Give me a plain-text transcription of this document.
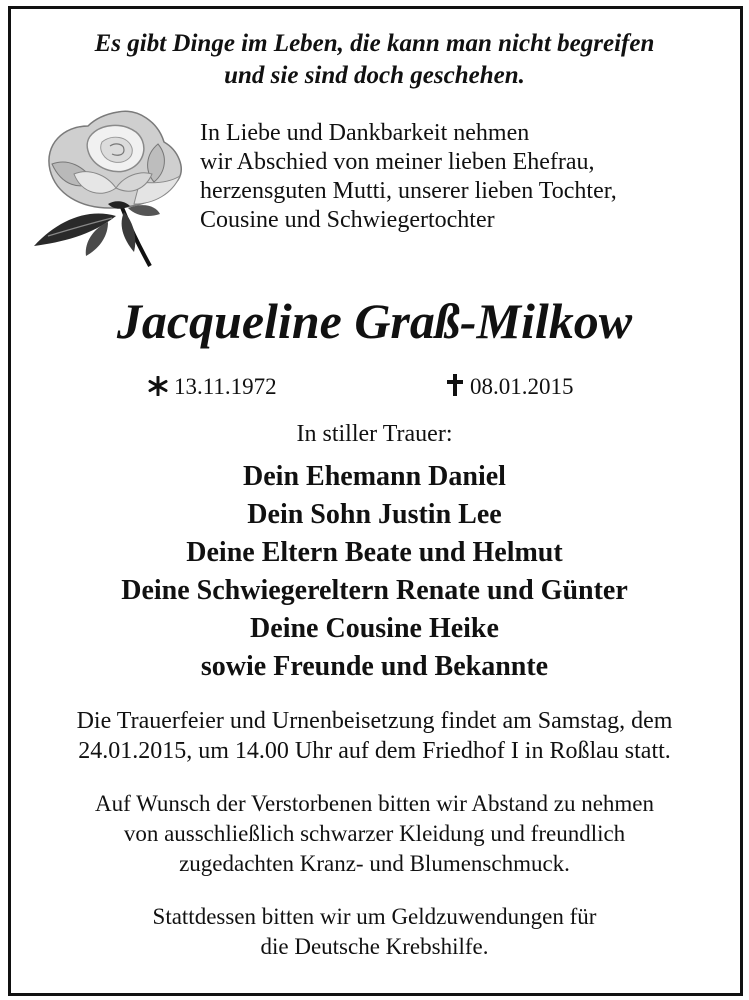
Es gibt Dinge im Leben, die kann man nicht begreifen
und sie sind doch geschehen.
In Liebe und Dankbarkeit nehmen
wir Abschied von meiner lieben Ehefrau,
herzensguten Mutti, unserer lieben Tochter,
Cousine und Schwiegertochter
Jacqueline Graß-Milkow
13.11.1972	08.01.2015
In stiller Trauer:
Dein Ehemann Daniel
Dein Sohn Justin Lee
Deine Eltern Beate und Helmut
Deine Schwiegereltern Renate und Günter
Deine Cousine Heike
sowie Freunde und Bekannte
Die Trauerfeier und Urnenbeisetzung findet am Samstag, dem
24.01.2015, um 14.00 Uhr auf dem Friedhof I in Roßlau statt.
Auf Wunsch der Verstorbenen bitten wir Abstand zu nehmen
von ausschließlich schwarzer Kleidung und freundlich
zugedachten Kranz- und Blumenschmuck.
Stattdessen bitten wir um Geldzuwendungen für
die Deutsche Krebshilfe.
